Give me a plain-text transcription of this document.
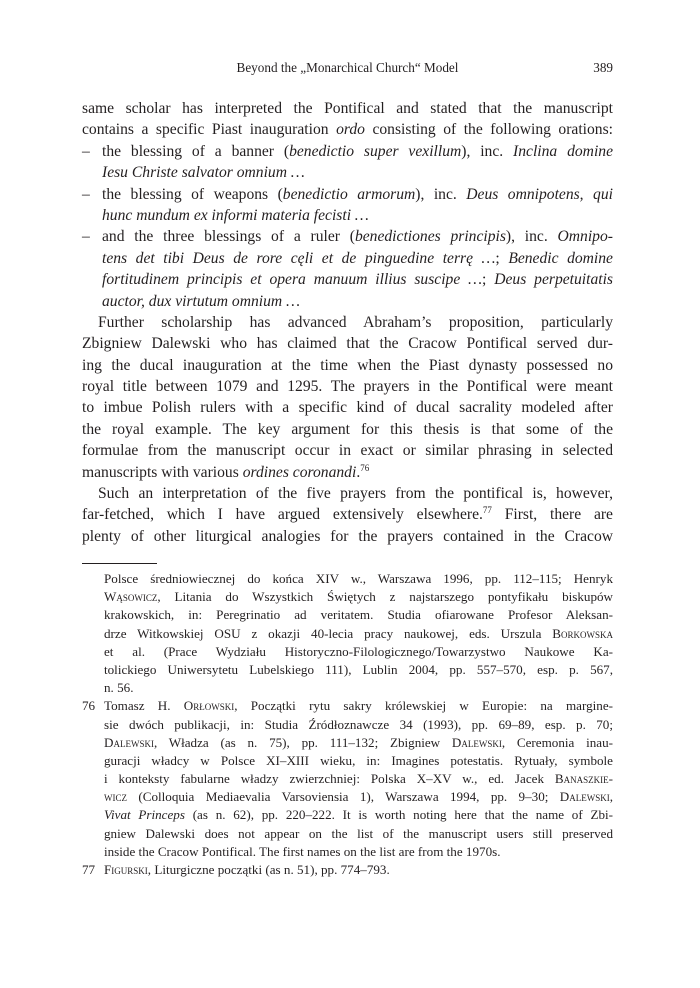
Beyond the „Monarchical Church“ Model	389
same scholar has interpreted the Pontifical and stated that the manuscript
contains a specific Piast inauguration ordo consisting of the following orations:
– the blessing of a banner (benedictio super vexillum), inc. Inclina domine
Iesu Christe salvator omnium …
– the blessing of weapons (benedictio armorum), inc. Deus omnipotens, qui
hunc mundum ex informi materia fecisti …
– and the three blessings of a ruler (benedictiones principis), inc. Omnipo-
tens det tibi Deus de rore cęli et de pinguedine terrę …; Benedic domine
fortitudinem principis et opera manuum illius suscipe …; Deus perpetuitatis
auctor, dux virtutum omnium …
Further scholarship has advanced Abraham’s proposition, particularly
Zbigniew Dalewski who has claimed that the Cracow Pontifical served dur-
ing the ducal inauguration at the time when the Piast dynasty possessed no
royal title between 1079 and 1295. The prayers in the Pontifical were meant
to imbue Polish rulers with a specific kind of ducal sacrality modeled after
the royal example. The key argument for this thesis is that some of the
formulae from the manuscript occur in exact or similar phrasing in selected
manuscripts with various ordines coronandi.$^{76}$
Such an interpretation of the five prayers from the pontifical is, however,
far-fetched, which I have argued extensively elsewhere.$^{77}$ First, there are
plenty of other liturgical analogies for the prayers contained in the Cracow
Polsce średniowiecznej do końca XIV w., Warszawa 1996, pp. 112–115; Henryk
Wąsowicz, Litania do Wszystkich Świętych z najstarszego pontyfikału biskupów
krakowskich, in: Peregrinatio ad veritatem. Studia ofiarowane Profesor Aleksan-
drze Witkowskiej OSU z okazji 40-lecia pracy naukowej, eds. Urszula Borkowska
et al. (Prace Wydziału Historyczno-Filologicznego/Towarzystwo Naukowe Ka-
tolickiego Uniwersytetu Lubelskiego 111), Lublin 2004, pp. 557–570, esp. p. 567,
n. 56.
76 Tomasz H. Orłowski, Początki rytu sakry królewskiej w Europie: na margine-
sie dwóch publikacji, in: Studia Źródłoznawcze 34 (1993), pp. 69–89, esp. p. 70;
Dalewski, Władza (as n. 75), pp. 111–132; Zbigniew Dalewski, Ceremonia inau-
guracji władcy w Polsce XI–XIII wieku, in: Imagines potestatis. Rytuały, symbole
i konteksty fabularne władzy zwierzchniej: Polska X–XV w., ed. Jacek Banaszkie-
wicz (Colloquia Mediaevalia Varsoviensia 1), Warszawa 1994, pp. 9–30; Dalewski,
Vivat Princeps (as n. 62), pp. 220–222. It is worth noting here that the name of Zbi-
gniew Dalewski does not appear on the list of the manuscript users still preserved
inside the Cracow Pontifical. The first names on the list are from the 1970s.
77 Figurski, Liturgiczne początki (as n. 51), pp. 774–793.
